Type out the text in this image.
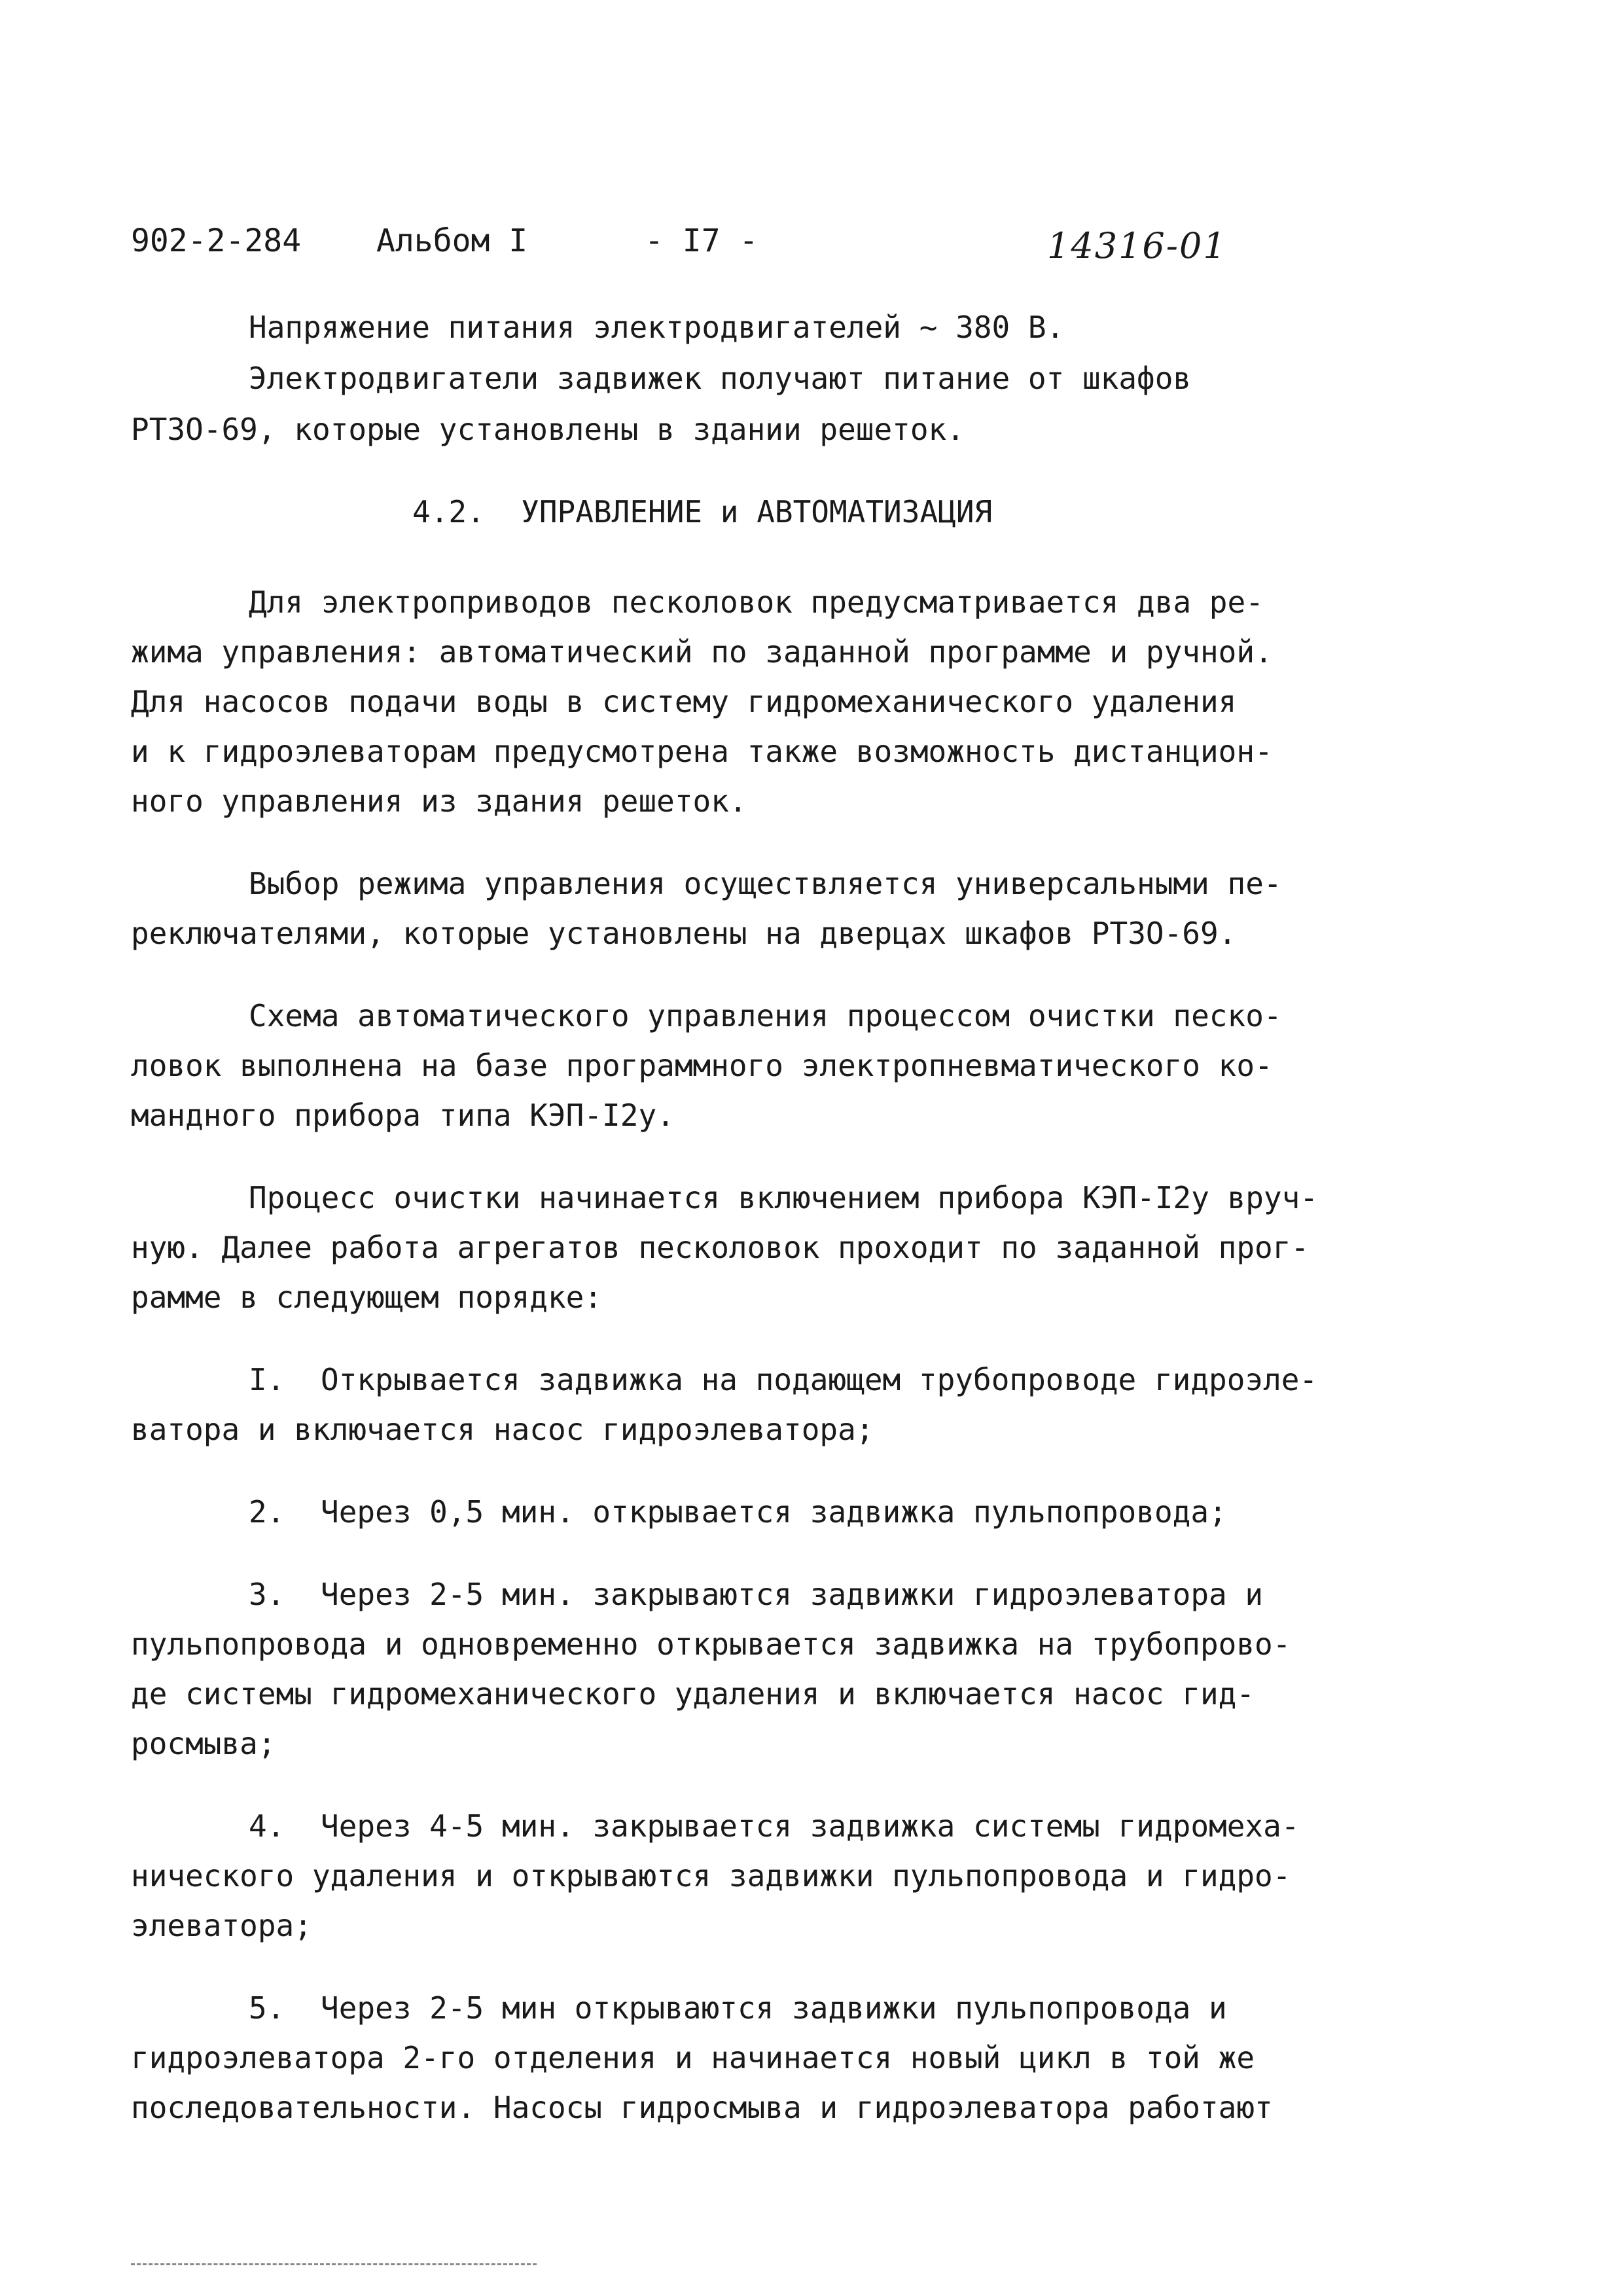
902-2-284 Альбом I	- I7 -	14316-01
Напряжение питания электродвигателей ~ 380 В.
Электродвигатели задвижек получают питание от шкафов
РТЗО-69, которые установлены в здании решеток.
4.2.  УПРАВЛЕНИЕ и АВТОМАТИЗАЦИЯ
Для электроприводов песколовок предусматривается два ре-
жима управления: автоматический по заданной программе и ручной.
Для насосов подачи воды в систему гидромеханического удаления
и к гидроэлеваторам предусмотрена также возможность дистанцион-
ного управления из здания решеток.
Выбор режима управления осуществляется универсальными пе-
реключателями, которые установлены на дверцах шкафов РТЗО-69.
Схема автоматического управления процессом очистки песко-
ловок выполнена на базе программного электропневматического ко-
мандного прибора типа КЭП-I2у.
Процесс очистки начинается включением прибора КЭП-I2у вруч-
ную. Далее работа агрегатов песколовок проходит по заданной прог-
рамме в следующем порядке:
I. Открывается задвижка на подающем трубопроводе гидроэле-
ватора и включается насос гидроэлеватора;
2. Через 0,5 мин. открывается задвижка пульпопровода;
3. Через 2-5 мин. закрываются задвижки гидроэлеватора и
пульпопровода и одновременно открывается задвижка на трубопрово-
де системы гидромеханического удаления и включается насос гид-
росмыва;
4. Через 4-5 мин. закрывается задвижка системы гидромеха-
нического удаления и открываются задвижки пульпопровода и гидро-
элеватора;
5. Через 2-5 мин открываются задвижки пульпопровода и
гидроэлеватора 2-го отделения и начинается новый цикл в той же
последовательности. Насосы гидросмыва и гидроэлеватора работают
